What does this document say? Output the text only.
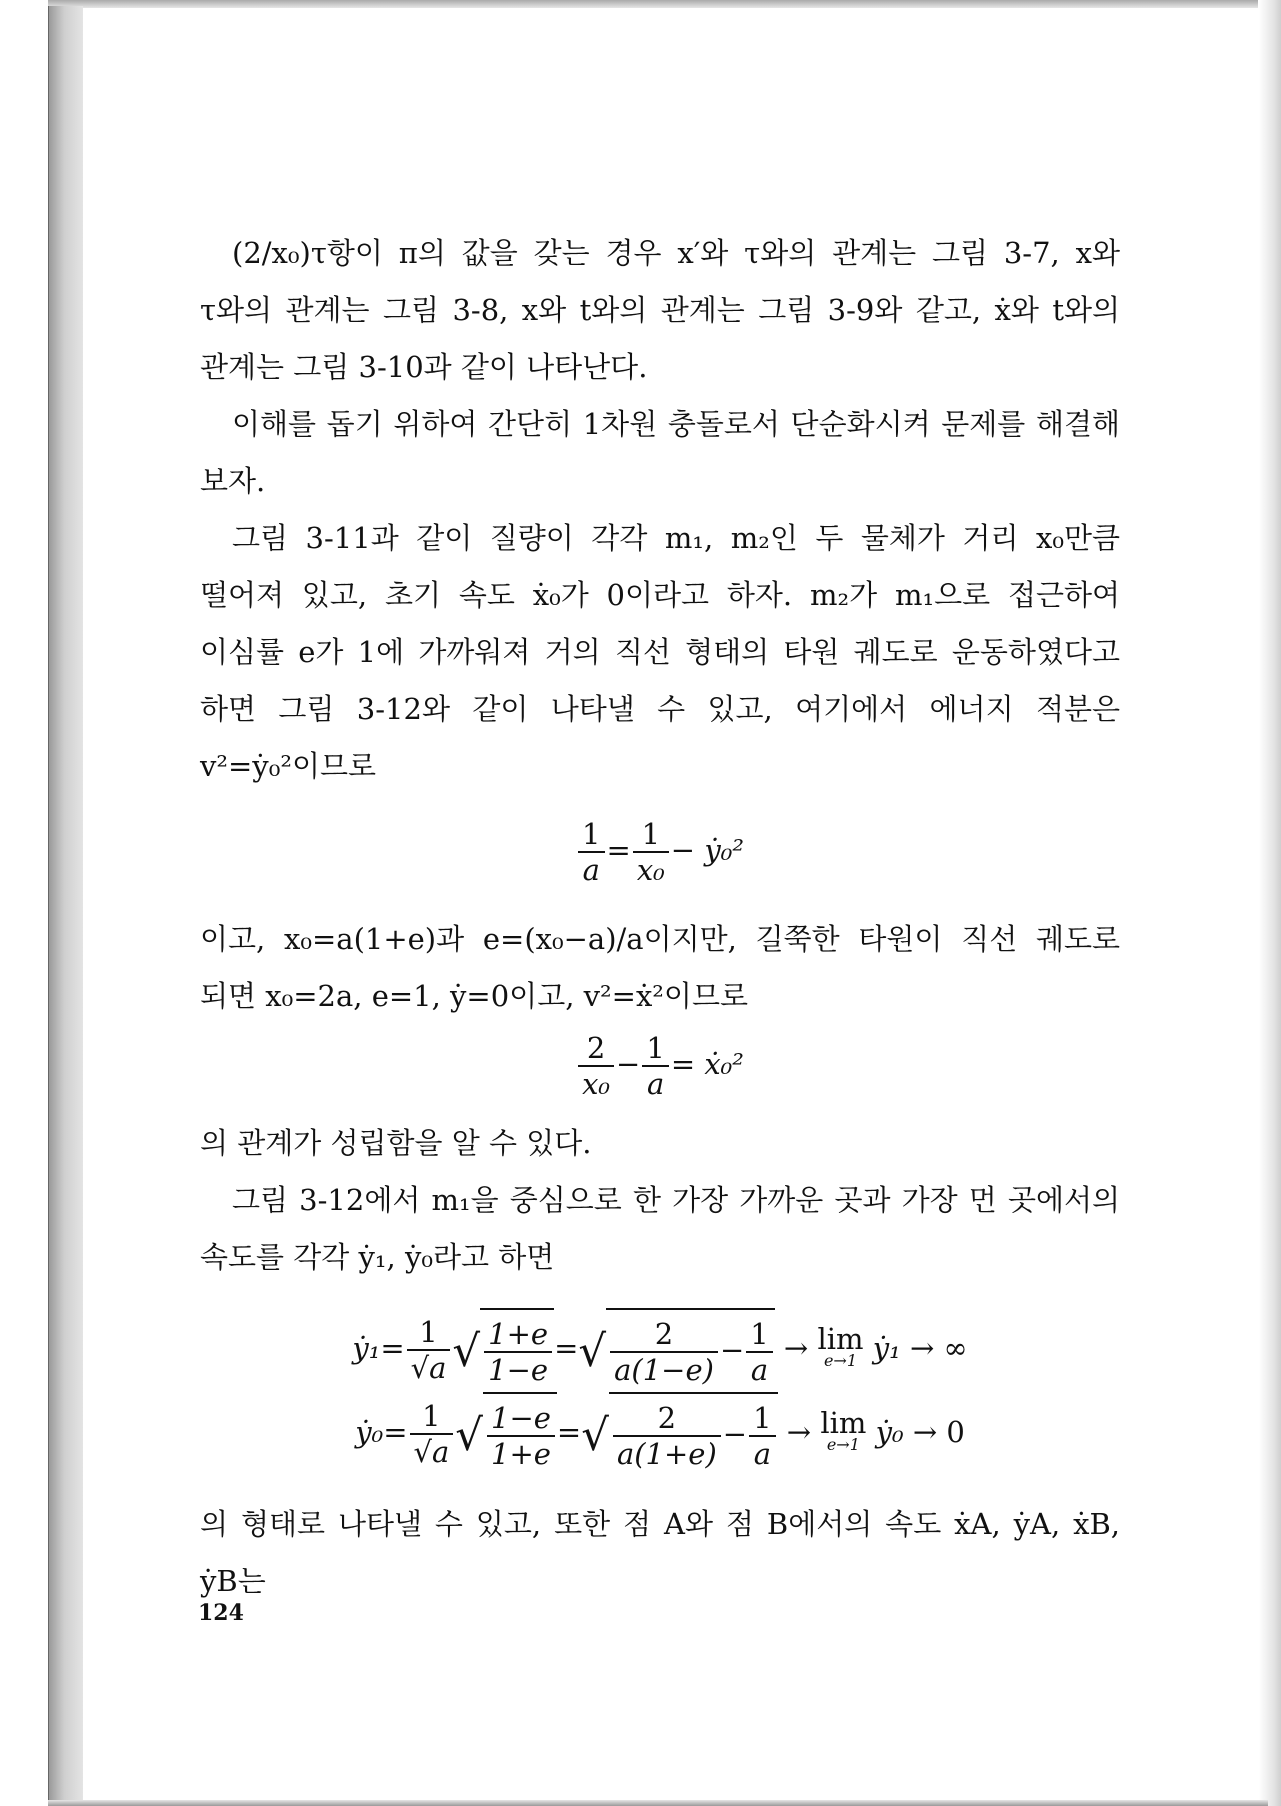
(2/x₀)τ항이 π의 값을 갖는 경우 x′와 τ와의 관계는 그림 3-7, x와 τ와의 관계는 그림 3-8, x와 t와의 관계는 그림 3-9와 같고, ẋ와 t와의 관계는 그림 3-10과 같이 나타난다.

이해를 돕기 위하여 간단히 1차원 충돌로서 단순화시켜 문제를 해결해 보자.

그림 3-11과 같이 질량이 각각 m₁, m₂인 두 물체가 거리 x₀만큼 떨어져 있고, 초기 속도 ẋ₀가 0이라고 하자. m₂가 m₁으로 접근하여 이심률 e가 1에 가까워져 거의 직선 형태의 타원 궤도로 운동하였다고 하면 그림 3-12와 같이 나타낼 수 있고, 여기에서 에너지 적분은 v²=ẏ₀²이므로

$\frac{1}{a} = \frac{1}{\text{x₀}}$ − ẏ₀²

이고, x₀=a(1+e)과 e=(x₀−a)/a이지만, 길쭉한 타원이 직선 궤도로 되면 x₀=2a, e=1, ẏ=0이고, v²=ẋ²이므로

$\frac{2}{\text{x₀}} - \frac{1}{a}$ = ẋ₀²

의 관계가 성립함을 알 수 있다.

그림 3-12에서 m₁을 중심으로 한 가장 가까운 곳과 가장 먼 곳에서의 속도를 각각 ẏ₁, ẏ₀라고 하면

ẏ₁= $\frac{1}{√a}$ √ $\frac{1+e}{1-e}$ =√ $\frac{2}{a(1-e)} - \frac{1}{a} \to \lim$
e→1 ẏ₁ → ∞
ẏ₀= $\frac{1}{√a}$ √ $\frac{1-e}{1+e}$ =√ $\frac{2}{a(1+e)} - \frac{1}{a} \to \lim$
e→1 ẏ₀ → 0

의 형태로 나타낼 수 있고, 또한 점 A와 점 B에서의 속도 ẋA, ẏA, ẋB, ẏB는

124
